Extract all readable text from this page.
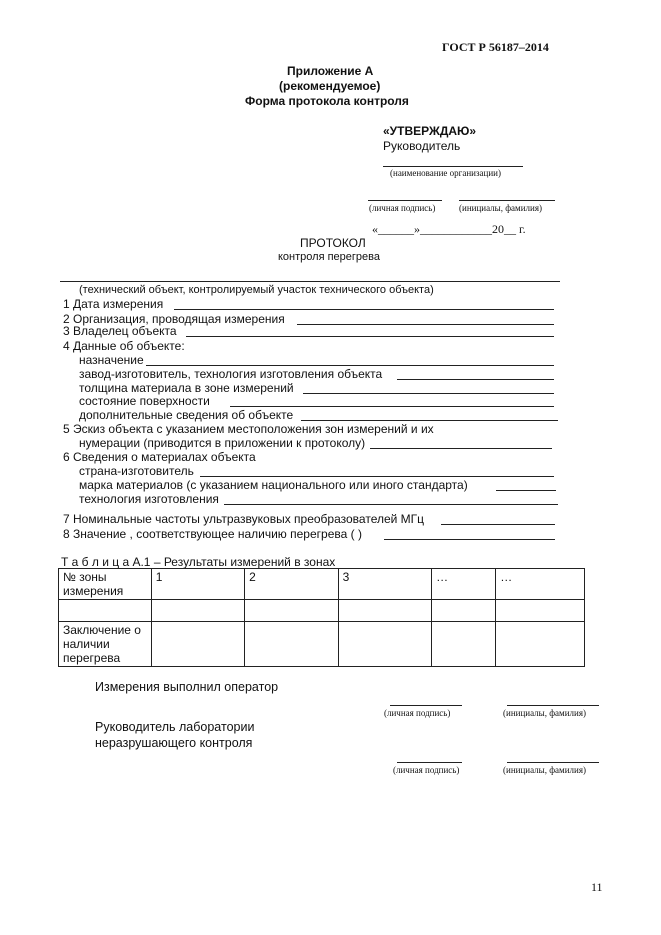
ГОСТ Р 56187–2014
Приложение А
(рекомендуемое)
Форма протокола контроля
«УТВЕРЖДАЮ»
Руководитель
(наименование организации)
(личная подпись)	(инициалы, фамилия)
«______»____________20__ г.
ПРОТОКОЛ
контроля перегрева
(технический объект, контролируемый участок технического объекта)
1 Дата измерения
2 Организация, проводящая измерения
3 Владелец объекта
4 Данные об объекте:
назначение
завод-изготовитель, технология изготовления объекта
толщина материала в зоне измерений
состояние поверхности
дополнительные сведения об объекте
5 Эскиз объекта с указанием местоположения зон измерений и их
нумерации (приводится в приложении к протоколу)
6 Сведения о материалах объекта
страна-изготовитель
марка материалов (с указанием национального или иного стандарта)
технология изготовления
7 Номинальные частоты ультразвуковых преобразователей МГц
8 Значение , соответствующее наличию перегрева ( )
Т а б л и ц а А.1 – Результаты измерений в зонах
№ зоны
измерения	1	2	3	…	…

Заключение о
наличии
перегрева					

Измерения выполнил оператор
(личная подпись)	(инициалы, фамилия)
Руководитель лаборатории
неразрушающего контроля
(личная подпись)	(инициалы, фамилия)
11
